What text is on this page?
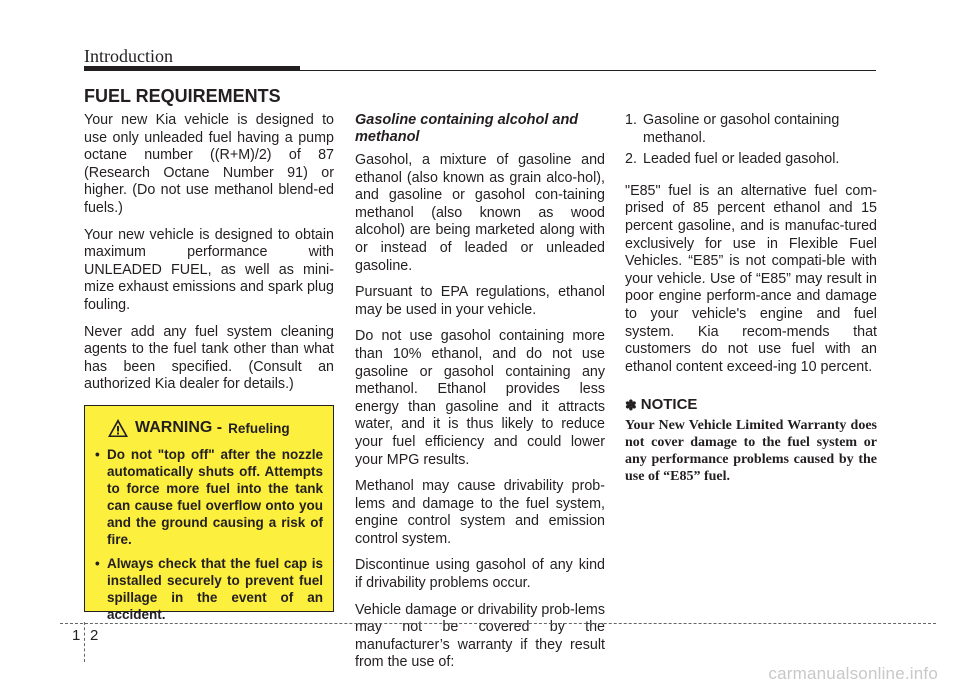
Introduction
FUEL REQUIREMENTS

Your new Kia vehicle is designed to use only unleaded fuel having a pump octane number ((R+M)/2) of 87 (Research Octane Number 91) or higher. (Do not use methanol blend-ed fuels.)

Your new vehicle is designed to obtain maximum performance with UNLEADED FUEL, as well as mini-mize exhaust emissions and spark plug fouling.

Never add any fuel system cleaning agents to the fuel tank other than what has been specified. (Consult an authorized Kia dealer for details.)

WARNING - Refueling
• Do not "top off" after the nozzle automatically shuts off. Attempts to force more fuel into the tank can cause fuel overflow onto you and the ground causing a risk of fire.
• Always check that the fuel cap is installed securely to prevent fuel spillage in the event of an accident.

Gasoline containing alcohol and methanol

Gasohol, a mixture of gasoline and ethanol (also known as grain alco-hol), and gasoline or gasohol con-taining methanol (also known as wood alcohol) are being marketed along with or instead of leaded or unleaded gasoline.

Pursuant to EPA regulations, ethanol may be used in your vehicle.

Do not use gasohol containing more than 10% ethanol, and do not use gasoline or gasohol containing any methanol. Ethanol provides less energy than gasoline and it attracts water, and it is thus likely to reduce your fuel efficiency and could lower your MPG results.

Methanol may cause drivability prob-lems and damage to the fuel system, engine control system and emission control system.

Discontinue using gasohol of any kind if drivability problems occur.

Vehicle damage or drivability prob-lems may not be covered by the manufacturer’s warranty if they result from the use of:

1. Gasoline or gasohol containing methanol.
2. Leaded fuel or leaded gasohol.

"E85" fuel is an alternative fuel com-prised of 85 percent ethanol and 15 percent gasoline, and is manufac-tured exclusively for use in Flexible Fuel Vehicles. “E85” is not compati-ble with your vehicle. Use of “E85” may result in poor engine perform-ance and damage to your vehicle's engine and fuel system. Kia recom-mends that customers do not use fuel with an ethanol content exceed-ing 10 percent.

✽ NOTICE

Your New Vehicle Limited Warranty does not cover damage to the fuel system or any performance problems caused by the use of “E85” fuel.

1 2
carmanualsonline.info
